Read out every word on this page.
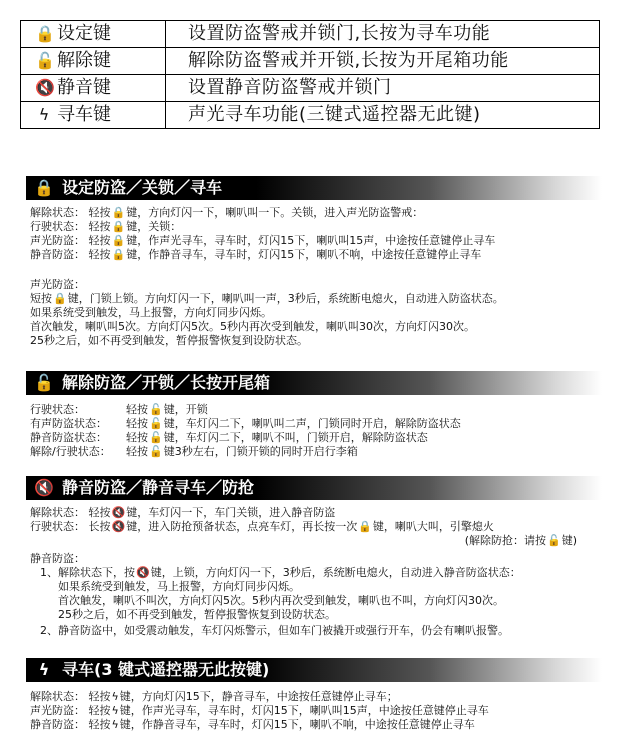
🔒 设定键	设置防盗警戒并锁门,长按为寻车功能
🔓 解除键	解除防盗警戒并开锁,长按为开尾箱功能
🔇 静音键	设置静音防盗警戒并锁门
ϟ 寻车键	声光寻车功能(三键式遥控器无此键)
🔒 设定防盗／关锁／寻车
解除状态： 轻按🔒键，方向灯闪一下，喇叭叫一下。关锁，进入声光防盗警戒：
行驶状态： 轻按🔒键，关锁：
声光防盗： 轻按🔒键，作声光寻车，寻车时，灯闪15下，喇叭叫15声，中途按任意键停止寻车
静音防盗： 轻按🔒键，作静音寻车，寻车时，灯闪15下，喇叭不响，中途按任意键停止寻车
声光防盗：
短按🔒键，门锁上锁。方向灯闪一下，喇叭叫一声，3秒后，系统断电熄火，自动进入防盗状态。
如果系统受到触发，马上报警，方向灯同步闪烁。
首次触发，喇叭叫5次。方向灯闪5次。5秒内再次受到触发，喇叭叫30次，方向灯闪30次。
25秒之后，如不再受到触发，暂停报警恢复到设防状态。
🔓 解除防盗／开锁／长按开尾箱
行驶状态：	轻按🔓键，开锁
有声防盗状态： 轻按🔓键，车灯闪二下，喇叭叫二声，门锁同时开启，解除防盗状态
静音防盗状态： 轻按🔓键，车灯闪二下，喇叭不叫，门锁开启，解除防盗状态
解除/行驶状态： 轻按🔓键3秒左右，门锁开锁的同时开启行李箱
🔇 静音防盗／静音寻车／防抢
解除状态： 轻按🔇键，车灯闪一下，车门关锁，进入静音防盗
行驶状态： 长按🔇键，进入防抢预备状态，点亮车灯，再长按一次🔒键，喇叭大叫，引擎熄火
(解除防抢：请按🔓键)
静音防盗：
1、解除状态下，按🔇键，上锁，方向灯闪一下，3秒后，系统断电熄火，自动进入静音防盗状态：
如果系统受到触发，马上报警，方向灯同步闪烁。
首次触发，喇叭不叫次，方向灯闪5次。5秒内再次受到触发，喇叭也不叫，方向灯闪30次。
25秒之后，如不再受到触发，暂停报警恢复到设防状态。
2、静音防盗中，如受震动触发，车灯闪烁警示，但如车门被撬开或强行开车，仍会有喇叭报警。
ϟ 寻车(3 键式遥控器无此按键)
解除状态： 轻按ϟ键，方向灯闪15下，静音寻车，中途按任意键停止寻车；
声光防盗： 轻按ϟ键，作声光寻车，寻车时，灯闪15下，喇叭叫15声，中途按任意键停止寻车
静音防盗： 轻按ϟ键，作静音寻车，寻车时，灯闪15下，喇叭不响，中途按任意键停止寻车
